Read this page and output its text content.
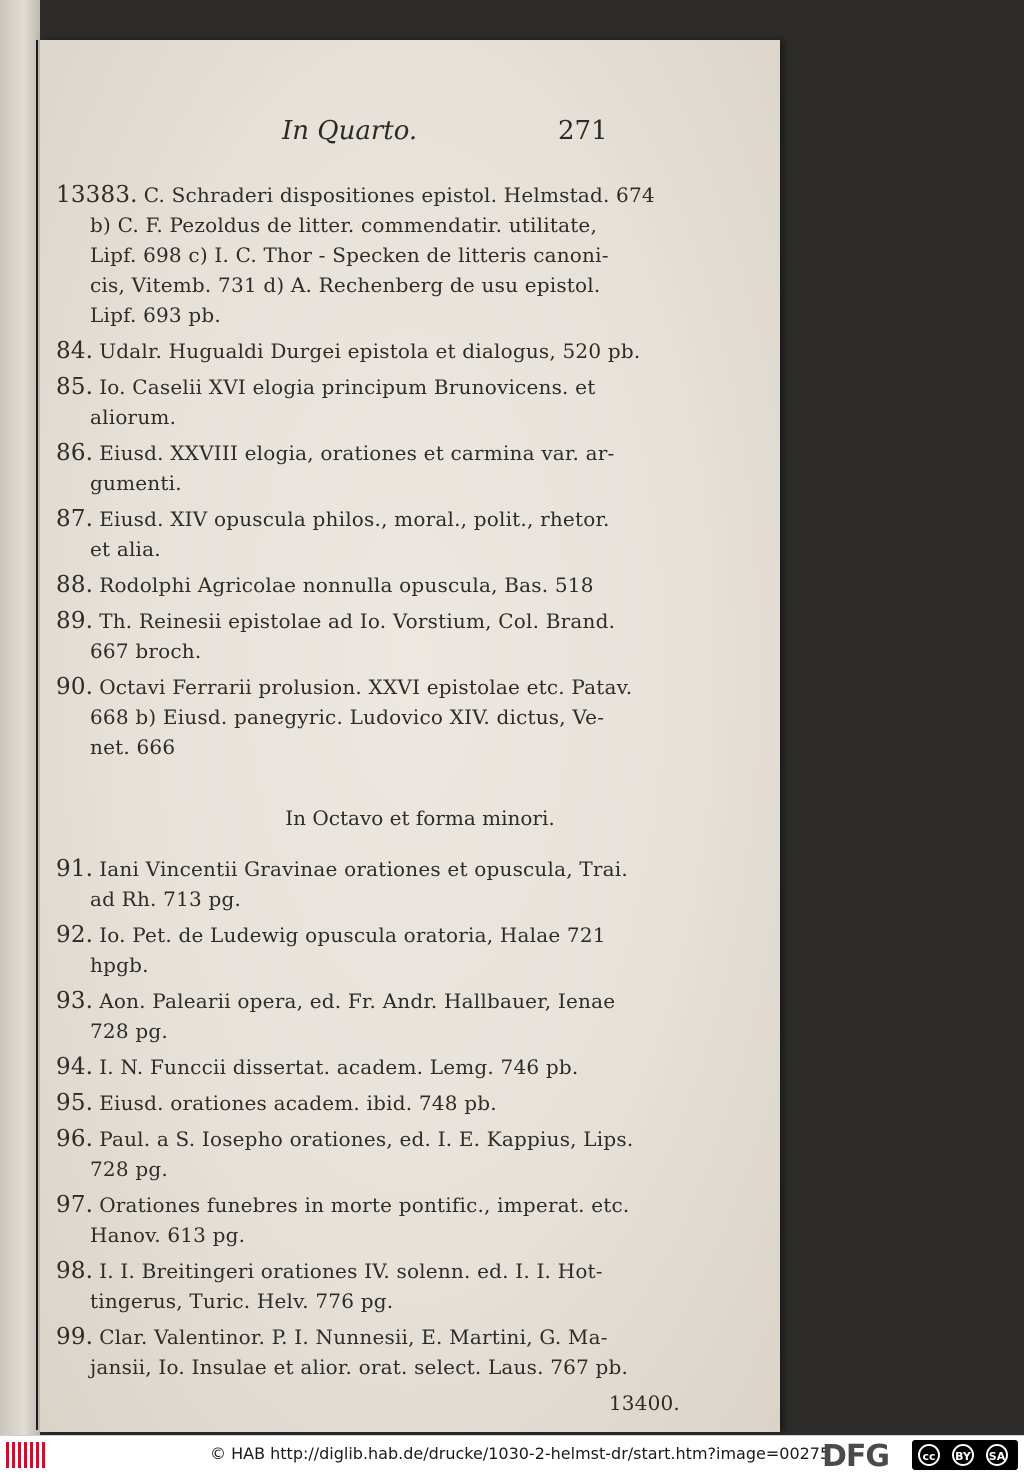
In Quarto.	271
13383. C. Schraderi dispositiones epistol. Helmstad. 674
b) C. F. Pezoldus de litter. commendatir. utilitate,
Lipf. 698 c) I. C. Thor - Specken de litteris canoni-
cis, Vitemb. 731 d) A. Rechenberg de usu epistol.
Lipf. 693 pb.
84. Udalr. Hugualdi Durgei epistola et dialogus, 520 pb.
85. Io. Caselii XVI elogia principum Brunovicens. et
aliorum.
86. Eiusd. XXVIII elogia, orationes et carmina var. ar-
gumenti.
87. Eiusd. XIV opuscula philos., moral., polit., rhetor.
et alia.
88. Rodolphi Agricolae nonnulla opuscula, Bas. 518
89. Th. Reinesii epistolae ad Io. Vorstium, Col. Brand.
667 broch.
90. Octavi Ferrarii prolusion. XXVI epistolae etc. Patav.
668 b) Eiusd. panegyric. Ludovico XIV. dictus, Ve-
net. 666
In Octavo et forma minori.
91. Iani Vincentii Gravinae orationes et opuscula, Trai.
ad Rh. 713 pg.
92. Io. Pet. de Ludewig opuscula oratoria, Halae 721
hpgb.
93. Aon. Palearii opera, ed. Fr. Andr. Hallbauer, Ienae
728 pg.
94. I. N. Funccii dissertat. academ. Lemg. 746 pb.
95. Eiusd. orationes academ. ibid. 748 pb.
96. Paul. a S. Iosepho orationes, ed. I. E. Kappius, Lips.
728 pg.
97. Orationes funebres in morte pontific., imperat. etc.
Hanov. 613 pg.
98. I. I. Breitingeri orationes IV. solenn. ed. I. I. Hot-
tingerus, Turic. Helv. 776 pg.
99. Clar. Valentinor. P. I. Nunnesii, E. Martini, G. Ma-
jansii, Io. Insulae et alior. orat. select. Laus. 767 pb.
13400.
© HAB http://diglib.hab.de/drucke/1030-2-helmst-dr/start.htm?image=00275
DFG	cc	BY SA
